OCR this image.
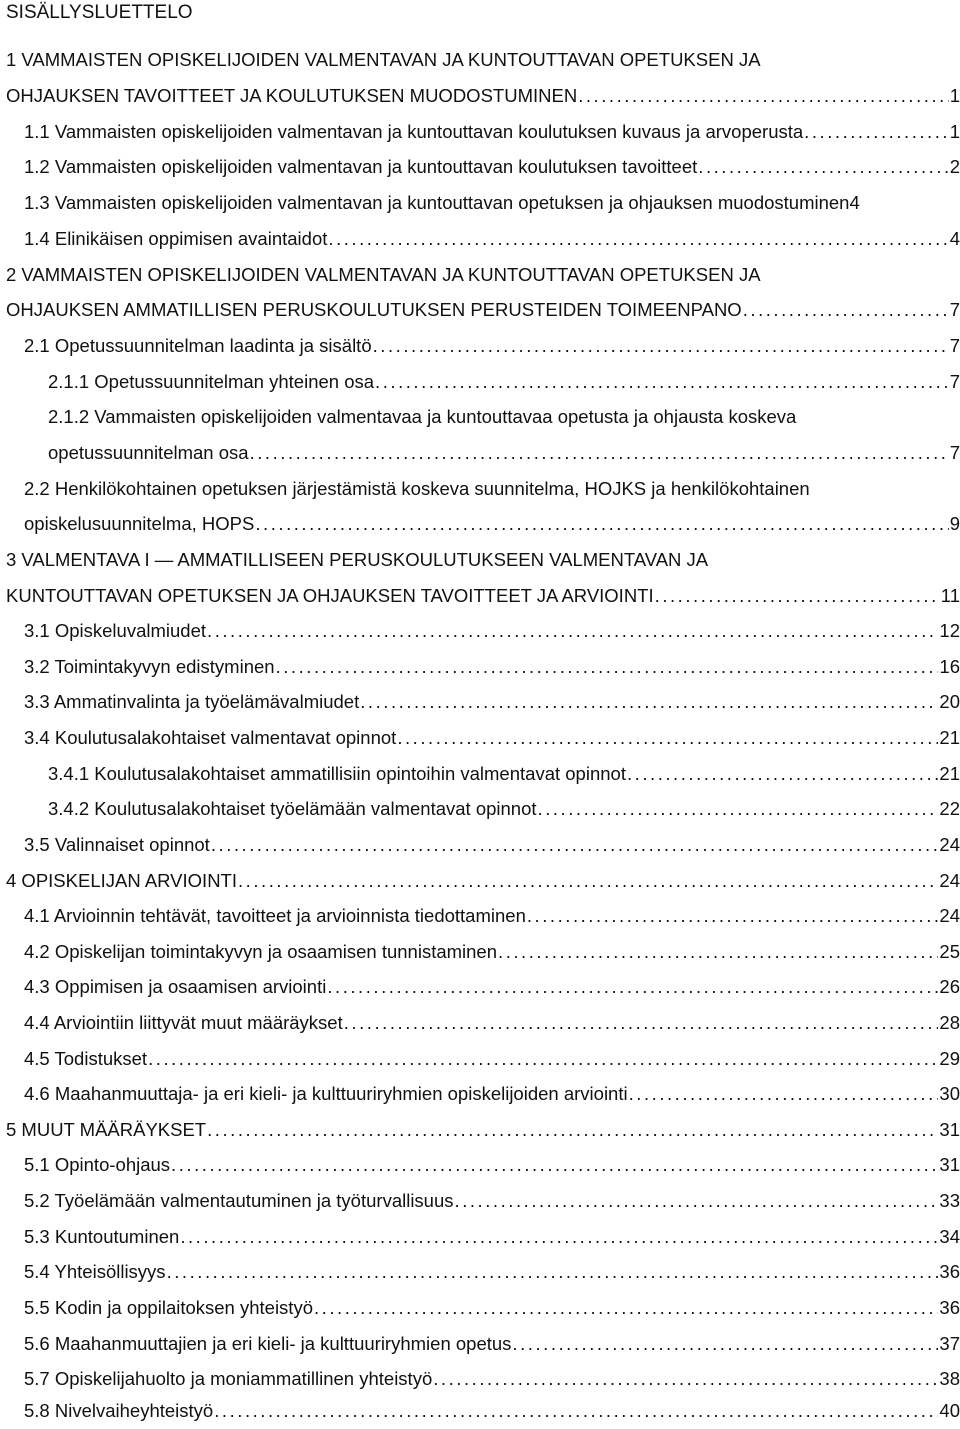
SISÄLLYSLUETTELO
1 VAMMAISTEN OPISKELIJOIDEN VALMENTAVAN JA KUNTOUTTAVAN OPETUKSEN JA
OHJAUKSEN TAVOITTEET JA KOULUTUKSEN MUODOSTUMINEN . . .	1
1.1 Vammaisten opiskelijoiden valmentavan ja kuntouttavan koulutuksen kuvaus ja arvoperusta . . .	1
1.2 Vammaisten opiskelijoiden valmentavan ja kuntouttavan koulutuksen tavoitteet . . .	2
1.3 Vammaisten opiskelijoiden valmentavan ja kuntouttavan opetuksen ja ohjauksen muodostuminen 4
1.4 Elinikäisen oppimisen avaintaidot . . .	4
2 VAMMAISTEN OPISKELIJOIDEN VALMENTAVAN JA KUNTOUTTAVAN OPETUKSEN JA
OHJAUKSEN AMMATILLISEN PERUSKOULUTUKSEN PERUSTEIDEN TOIMEENPANO . . .	7
2.1 Opetussuunnitelman laadinta ja sisältö . . .	7
2.1.1 Opetussuunnitelman yhteinen osa . . .	7
2.1.2 Vammaisten opiskelijoiden valmentavaa ja kuntouttavaa opetusta ja ohjausta koskeva
opetussuunnitelman osa . . .	7
2.2 Henkilökohtainen opetuksen järjestämistä koskeva suunnitelma, HOJKS ja henkilökohtainen
opiskelusuunnitelma, HOPS . . .	9
3 VALMENTAVA I — AMMATILLISEEN PERUSKOULUTUKSEEN VALMENTAVAN JA
KUNTOUTTAVAN OPETUKSEN JA OHJAUKSEN TAVOITTEET JA ARVIOINTI . . .	11
3.1 Opiskeluvalmiudet . . .	12
3.2 Toimintakyvyn edistyminen . . .	16
3.3 Ammatinvalinta ja työelämävalmiudet . . .	20
3.4 Koulutusalakohtaiset valmentavat opinnot . . .	21
3.4.1 Koulutusalakohtaiset ammatillisiin opintoihin valmentavat opinnot . . .	21
3.4.2 Koulutusalakohtaiset työelämään valmentavat opinnot . . .	22
3.5 Valinnaiset opinnot . . .	24
4 OPISKELIJAN ARVIOINTI . . .	24
4.1 Arvioinnin tehtävät, tavoitteet ja arvioinnista tiedottaminen . . .	24
4.2 Opiskelijan toimintakyvyn ja osaamisen tunnistaminen . . .	25
4.3 Oppimisen ja osaamisen arviointi . . .	26
4.4 Arviointiin liittyvät muut määräykset . . .	28
4.5 Todistukset . . .	29
4.6 Maahanmuuttaja- ja eri kieli- ja kulttuuriryhmien opiskelijoiden arviointi . . .	30
5 MUUT MÄÄRÄYKSET . . .	31
5.1 Opinto-ohjaus . . .	31
5.2 Työelämään valmentautuminen ja työturvallisuus . . .	33
5.3 Kuntoutuminen . . .	34
5.4 Yhteisöllisyys . . .	36
5.5 Kodin ja oppilaitoksen yhteistyö . . .	36
5.6 Maahanmuuttajien ja eri kieli- ja kulttuuriryhmien opetus . . .	37
5.7 Opiskelijahuolto ja moniammatillinen yhteistyö . . .	38
5.8 Nivelvaiheyhteistyö . . .	40
